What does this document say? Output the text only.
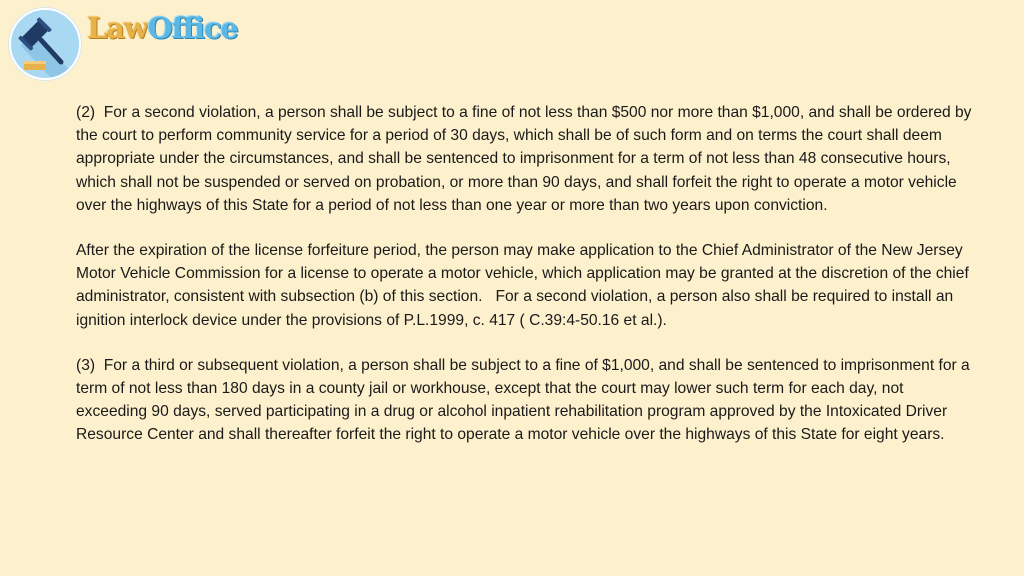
LawOffice

(2)  For a second violation, a person shall be subject to a fine of not less than $500 nor more than $1,000, and shall be ordered by the court to perform community service for a period of 30 days, which shall be of such form and on terms the court shall deem appropriate under the circumstances, and shall be sentenced to imprisonment for a term of not less than 48 consecutive hours, which shall not be suspended or served on probation, or more than 90 days, and shall forfeit the right to operate a motor vehicle over the highways of this State for a period of not less than one year or more than two years upon conviction.

After the expiration of the license forfeiture period, the person may make application to the Chief Administrator of the New Jersey Motor Vehicle Commission for a license to operate a motor vehicle, which application may be granted at the discretion of the chief administrator, consistent with subsection (b) of this section.   For a second violation, a person also shall be required to install an ignition interlock device under the provisions of P.L.1999, c. 417 ( C.39:4-50.16 et al.).

(3)  For a third or subsequent violation, a person shall be subject to a fine of $1,000, and shall be sentenced to imprisonment for a term of not less than 180 days in a county jail or workhouse, except that the court may lower such term for each day, not exceeding 90 days, served participating in a drug or alcohol inpatient rehabilitation program approved by the Intoxicated Driver Resource Center and shall thereafter forfeit the right to operate a motor vehicle over the highways of this State for eight years.
